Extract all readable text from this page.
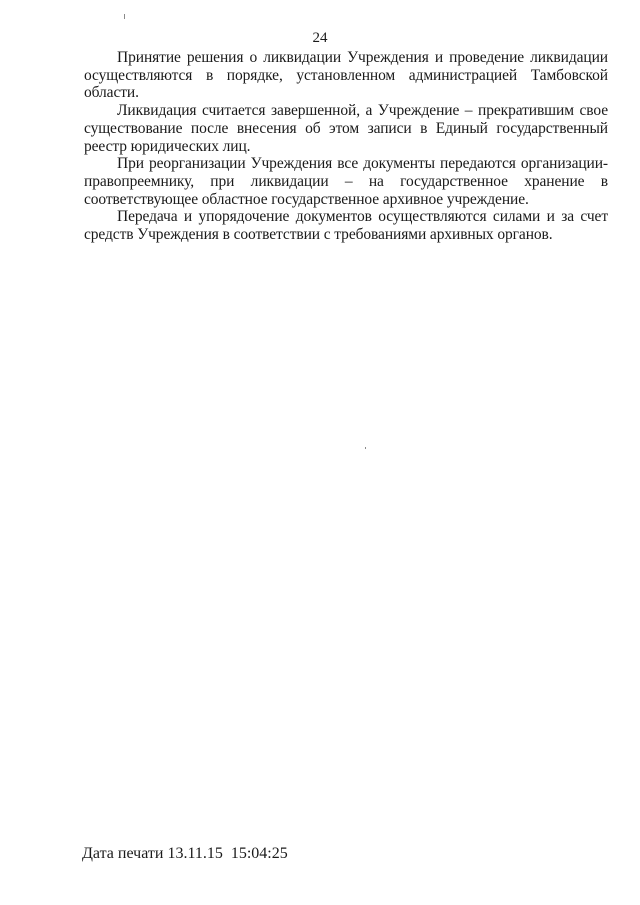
24

Принятие решения о ликвидации Учреждения и проведение ликвидации осуществляются в порядке, установленном администрацией Тамбовской области.

Ликвидация считается завершенной, а Учреждение – прекратившим свое существование после внесения об этом записи в Единый государственный реестр юридических лиц.

При реорганизации Учреждения все документы передаются организации-правопреемнику, при ликвидации – на государственное хранение в соответствующее областное государственное архивное учреждение.

Передача и упорядочение документов осуществляются силами и за счет средств Учреждения в соответствии с требованиями архивных органов.

Дата печати 13.11.15  15:04:25
